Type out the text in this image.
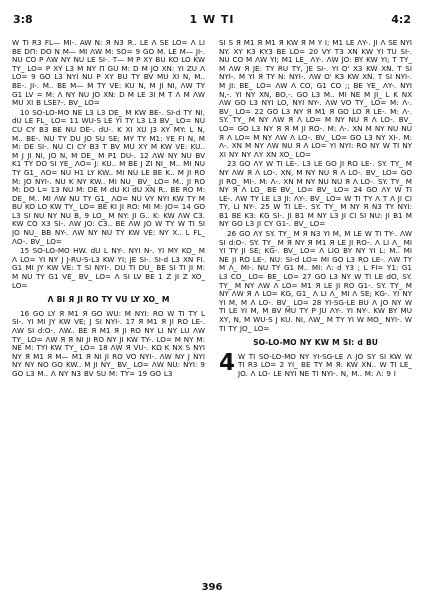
3:8	1 W TI	4:2

W TI R3 FL— MI-. AW N: Я N3 Я.. LE Λ SE LO= Λ LI BE DΠ: DO N M— MI ΛW M: SO= 9 GO M. LE M— JI-. NU CO P ΛW NY NU LE SI-. T— M P XY BU KO LO KW TY_ LO= P XY L3 M NY Π GU M: D M JO XN: YI ZU Λ LO= 9 GO L3 NYI NU P XY BU TY BV MU XI N, M.. BE-. JI-. M.. BE M— M TY VE: KU N, M JI NI, ΛW TY G1 LV = M: Λ NY NU JO XN: D M LE 3I M T Λ M ΛW MU XI B LSE?-. BV_ LO=

10 SO-LO-MO NE L3 L3 DE_ M KW BE-. SI-d TY NI, dU LE FL_ LO= 11 WU-S LE YI TY L3 L3 BV_ LO= NU CU CY B3 BE NU DE-. dU-. K XI XU J3 XY MY: L N, M.. BE-. NU TY DU JO SU SE; MY TY M1: YE FI N, M M: DE SI-. NU CI CY B3 T BV MU XY M KW VE: KU.. M J JI NI, JO N, M DE_ M P1 DU-. 12 ΛW NY NU BV K1 TY DO SI YE_ ΛO= J: KU.. M BE J ZI NI_ M.. MI NU TY G1_ ΛO= NU H1 LY KW.. MI NU LE BE K.. M JI RO M: JO NYI-. NU K NY KW.. MI NU_ BV_ LO= M.. JI RO M: DO L= 13 NU M: DE M dU KI dU XN R.. BE RO M: DE_ M.. MI ΛW NU TY G1_ ΛO= NU VY NYI KW TY M BU KO LO KW TY_ LO= BE KI JI RO: MI M: JO= 14 GO L3 SI NU NY NU B, 9 LO_ M NY: JI G.. K: KW ΛW C3. KW CO X3 SI-. ΛW JO: C3.. BE ΛW JO W TY W TI SI JO NU_ BB NY-. ΛW NY NU TY KW VE: NY X.. L FL_ ΛO-. BV_ LO=

15 SO-LO-MO HW. dU L NY-. NYI N-. YI MY KO_ M Λ LO= YI NY J J-RU-S-L3 KW YI; JE SI-. SI-d L3 XN FI. G1 MI JY KW VE: T SI NYI-. DU TI DU_ BE SI TI JI M: M NU TY G1 VE_ BV_ LO= Λ SI LV BE 1 Z JI Z XO_ LO=

Λ BI Я JI RO TY VU LY XO_ M

16 GO LY Я M1 Я GO WU: M NYI: RO W TI TY L SI-. YI MI JY KW VE; J SI NYI-. 17 Я M1 Я JI RO LE-. ΛW SI d:O-. ΛW.. BE Я M1 Я JI RO NY LI NY LU ΛW TY_ LO= ΛW Я Я NI JI RO NY JI KW TY-. LO= M NY M: NE M: TYI KW TY_ LO= 18 ΛW Я VU-. KΩ K NX S NYI NY Я M1 Я M— M1 Я NI JI RO VO NYI-. ΛW NY J NYI NY NY NO GO KW.. M JI NY_ BV_ LO= ΛW NU: NYI: 9 GO L3 M.. Λ NY N3 BV SU M: TY= 19 GO L3

SI S Я M1 Я M1 Я KW Я M Y I; M1 LE ΛY-. JI Λ SE NYI NY. XY K3 KY3 BE LO= 20 VY T3 XN KW YI TU SI-. NU CO M ΛW YI; M1 LE_ ΛY-. ΛW JO: BY KW YI; T TY_ M ΛW Я JE: TY RU TY, JE SI-. YI O' X3 KW XN. T SI NYI-. M YI Я TY N: NYI-. ΛW O' K3 KW XN. T SI NYI-. M JI: BE_ LO= ΛW Λ CO, G1 CO ;; BE YE_ ΛY-. NYI N,-. YI NY XN, BO,-. GO L3 M.. MI NE M JI_ L K NX ΛW GO L3 NYI LO, NYI NY-. ΛW VO TY_ LO= M: Λ-. BV_ LO= 22 GO L3 NY Я M1 Я GO LO Я LE-. M: Λ-. SY. TY_ M NY ΛW Я Λ LO= M NY NU Я Λ LO-. BV_ LO= GO L3 NY Я Я M JI RO-. M: Λ-. XN M NY NU NU Я Λ LO= M NY ΛW Λ LO-. BV_ LO= GO L3 NY XI-. M: Λ-. XN M NY ΛW NU Я Λ LO= YI NYI: RO NY W TI NY XI NY NY ΛY XN XO_ LO=

23 GO ΛY W TI LE-. L3 LE GO JI RO LE-. SY. TY_ M NY ΛW Я Λ LO-. XN, M NY NU Я Λ LO-. BV_ LO= GO JI RO_ MI-. M: Λ-. XN M NY NU NU Я Λ LO-. SY. TY_ M NY Я Λ LO_ BE BV_ LO= BV_ LO= 24 GO ΛY W TI LE-. ΛW TY LE L3 JI: ΛY-. BV_ LO= W TI TY Λ T Λ JI CI TY, LI NY-. 25 W TI LE-. SY. TY_ M NY Я N3 TY NYI: B1 BE K3: KG SI-. JI B1 M NY L3 JI CI SI NU: JI B1 M NY GO L3 JI CY G1-. BV_ LO=

26 GO ΛY SY. TY_ M Я N3 YI M, M LE W TI TY-. ΛW SI d:O-. SY. TY_ M Я NY Я M1 Я LE JI RO-. Λ LI Λ_ MI YI TY JI SE; KG-. BV_ LO= Λ LIO BY NY YI L: M.. MI NE JI RO LE-. NU: SI-d LO= MI GO L3 RO LE-. ΛW TY M Λ_ MI-. NU TY G1 M.. MI: Λ: d Y3 ; L FI= Y1: G1 L3 CO_ LO= BE_ LO= 27 GO L3 NY W TI LE dO, SY. TY_ M NY ΛW Λ LO= M1 Я LE JI RO G1-. SY. TY_ M NY ΛW Я Λ LO= KG, G1_ Λ LI Λ_ MI Λ SE; KG-. YI NY YI M, M Λ LO-. BV_ LO= 28 YI-SG-LE BU Λ JO NY W TI LE YI M, M BV MU TY P JU ΛY-. YI NY-. KW BY MU XY, N, M WU-S J KU. NI, ΛW_ M TY YI W MO_ NYI-. W TI TY JO_ LO=

SO-LO-MO NY KW M SI: d BU
4 W TI SO-LO-MO NY YI-SG-LE Λ JO SY SI KW W TI R3 LO= 2 YI_ BE TY M Я: KW XN.. W TI LE_ JO. Λ LO- LE NYI NE TI NYI-. N, M.. M: Λ: 9 I

396
